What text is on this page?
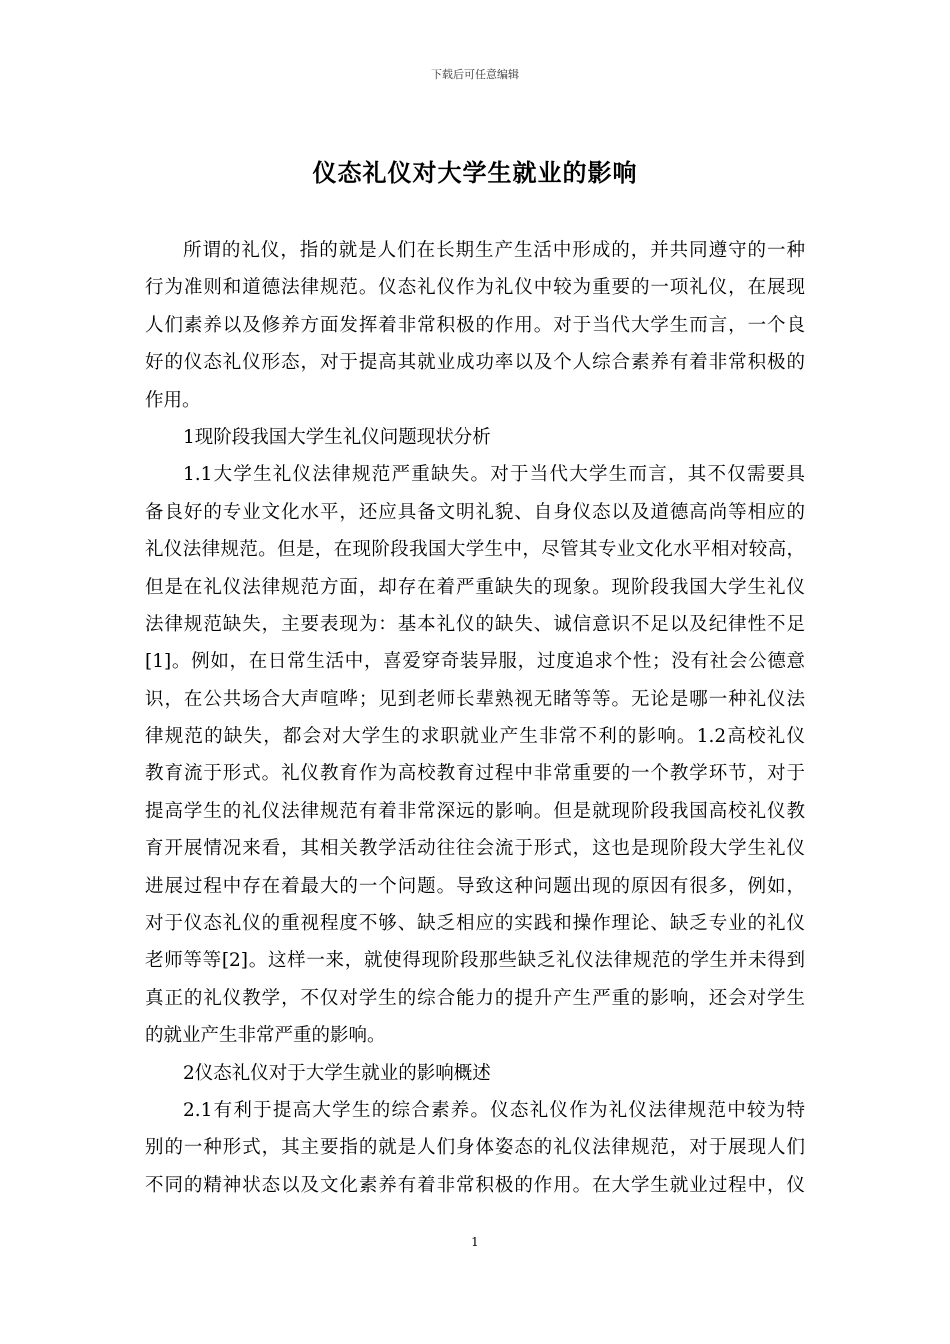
下载后可任意编辑
仪态礼仪对大学生就业的影响
所谓的礼仪，指的就是人们在长期生产生活中形成的，并共同遵守的一种
行为准则和道德法律规范。仪态礼仪作为礼仪中较为重要的一项礼仪，在展现
人们素养以及修养方面发挥着非常积极的作用。对于当代大学生而言，一个良
好的仪态礼仪形态，对于提高其就业成功率以及个人综合素养有着非常积极的
作用。
1现阶段我国大学生礼仪问题现状分析
1.1大学生礼仪法律规范严重缺失。对于当代大学生而言，其不仅需要具
备良好的专业文化水平，还应具备文明礼貌、自身仪态以及道德高尚等相应的
礼仪法律规范。但是，在现阶段我国大学生中，尽管其专业文化水平相对较高，
但是在礼仪法律规范方面，却存在着严重缺失的现象。现阶段我国大学生礼仪
法律规范缺失，主要表现为：基本礼仪的缺失、诚信意识不足以及纪律性不足
[1]。例如，在日常生活中，喜爱穿奇装异服，过度追求个性；没有社会公德意
识，在公共场合大声喧哗；见到老师长辈熟视无睹等等。无论是哪一种礼仪法
律规范的缺失，都会对大学生的求职就业产生非常不利的影响。1.2高校礼仪
教育流于形式。礼仪教育作为高校教育过程中非常重要的一个教学环节，对于
提高学生的礼仪法律规范有着非常深远的影响。但是就现阶段我国高校礼仪教
育开展情况来看，其相关教学活动往往会流于形式，这也是现阶段大学生礼仪
进展过程中存在着最大的一个问题。导致这种问题出现的原因有很多，例如，
对于仪态礼仪的重视程度不够、缺乏相应的实践和操作理论、缺乏专业的礼仪
老师等等[2]。这样一来，就使得现阶段那些缺乏礼仪法律规范的学生并未得到
真正的礼仪教学，不仅对学生的综合能力的提升产生严重的影响，还会对学生
的就业产生非常严重的影响。
2仪态礼仪对于大学生就业的影响概述
2.1有利于提高大学生的综合素养。仪态礼仪作为礼仪法律规范中较为特
别的一种形式，其主要指的就是人们身体姿态的礼仪法律规范，对于展现人们
不同的精神状态以及文化素养有着非常积极的作用。在大学生就业过程中，仪
1
